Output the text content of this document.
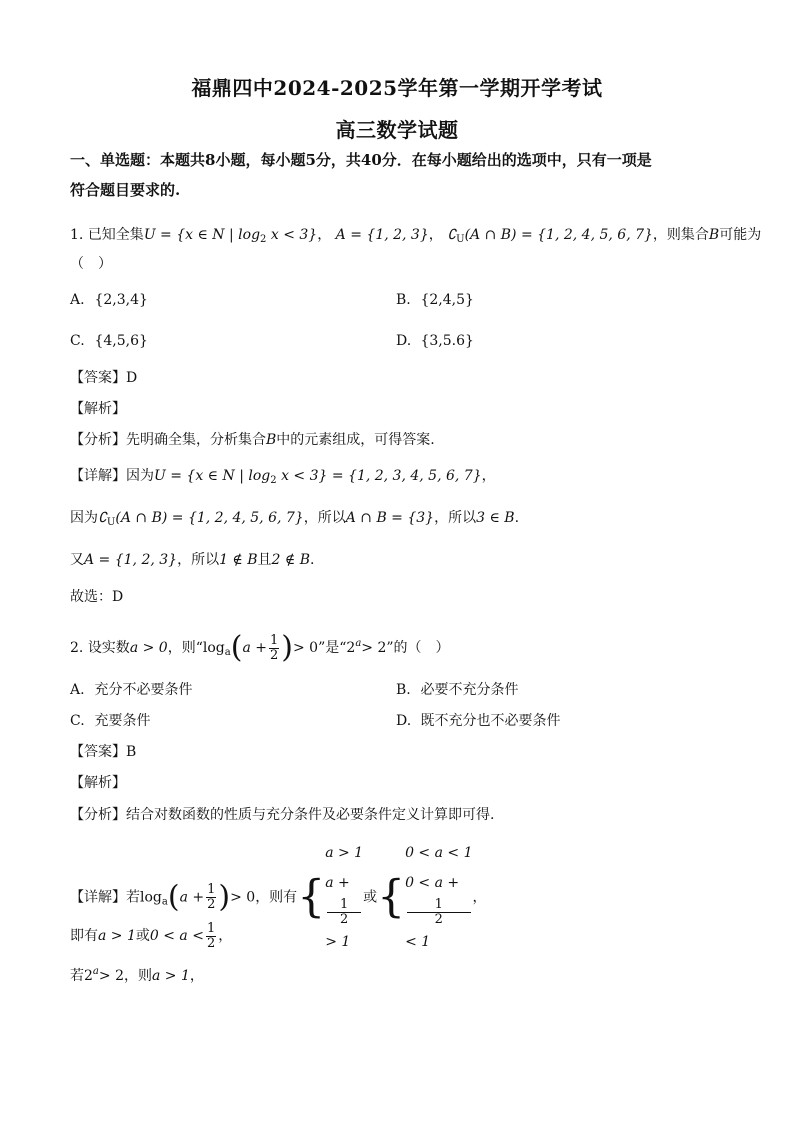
福鼎四中2024-2025学年第一学期开学考试
高三数学试题
一、单选题：本题共8小题，每小题5分，共40分．在每小题给出的选项中，只有一项是
符合题目要求的.
1. 已知全集U = {x ∈ N | $\log_2 x < 3$}， A = {1, 2, 3}， $∁_U(A$ ∩ B) = {1, 2, 4, 5, 6, 7}，则集合B可能为
（　）
A. {2,3,4}	B. {2,4,5}
C. {4,5,6}	D. {3,5.6}
【答案】D
【解析】
【分析】先明确全集，分析集合B中的元素组成，可得答案.
【详解】因为U = {x ∈ N | $\log_2 x < 3\} = \{1$, 2, 3, 4, 5, 6, 7}，
因为$∁_U(A$ ∩ B) = {1, 2, 4, 5, 6, 7}，所以A ∩ B = {3}，所以3 ∈ B.
又A = {1, 2, 3}，所以1 ∉ B且2 ∉ B.
故选：D
2. 设实数a > 0，则“$\log_a(a + \frac{1}{2}$ )> 0”是“$2^a> 2$”的（　）
A. 充分不必要条件	B. 必要不充分条件
C. 充要条件	D. 既不充分也不必要条件
【答案】B
【解析】
【分析】结合对数函数的性质与充分条件及必要条件定义计算即可得.
【详解】若$\log_a(a + \frac{1}{2}$ )> 0，则有{
a > 1
a +
1
2
> 1
或{
0 < a < 1
0 < a +
1
2
< 1
，
即有a > 1或$0 < a < \frac{1}{2}$ ，
若$2^a> 2$，则a > 1，
